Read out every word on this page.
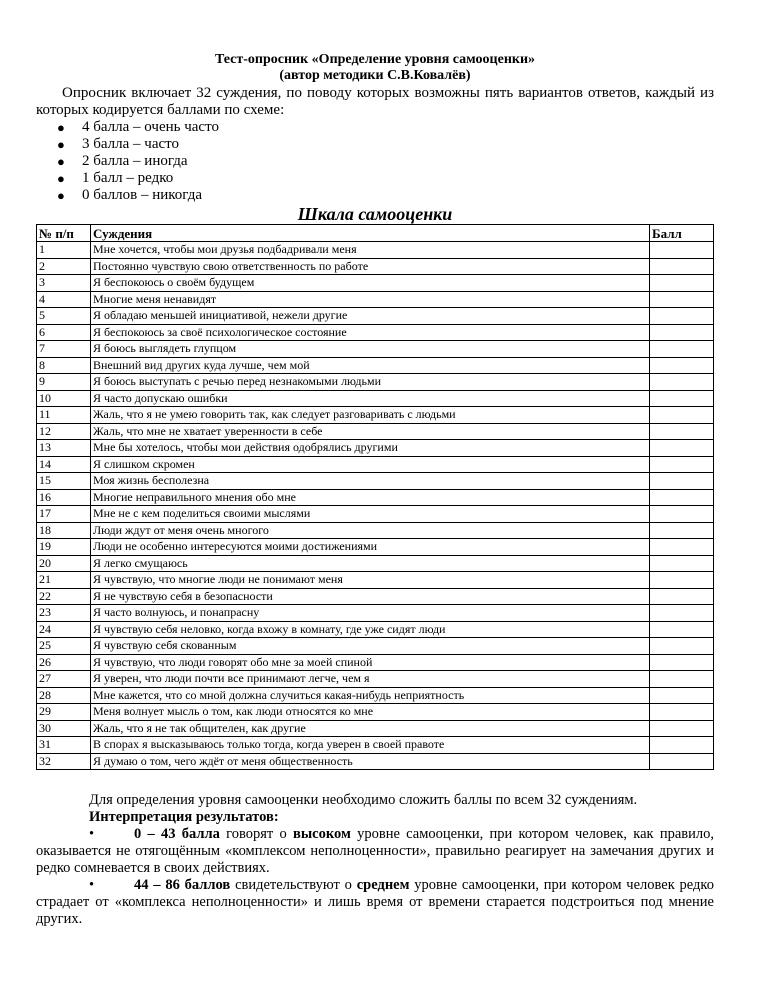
Тест-опросник «Определение уровня самооценки»

(автор методики С.В.Ковалёв)

Опросник включает 32 суждения, по поводу которых возможны пять вариантов ответов, каждый из которых кодируется баллами по схеме:

● 4 балла – очень часто
● 3 балла – часто
● 2 балла – иногда
● 1 балл – редко
● 0 баллов – никогда

Шкала самооценки

№ п/п	Суждения	Балл
1	Мне хочется, чтобы мои друзья подбадривали меня	
2	Постоянно чувствую свою ответственность по работе	
3	Я беспокоюсь о своём будущем	
4	Многие меня ненавидят	
5	Я обладаю меньшей инициативой, нежели другие	
6	Я беспокоюсь за своё психологическое состояние	
7	Я боюсь выглядеть глупцом	
8	Внешний вид других куда лучше, чем мой	
9	Я боюсь выступать с речью перед незнакомыми людьми	
10	Я часто допускаю ошибки	
11	Жаль, что я не умею говорить так, как следует разговаривать с людьми	
12	Жаль, что мне не хватает уверенности в себе	
13	Мне бы хотелось, чтобы мои действия одобрялись другими	
14	Я слишком скромен	
15	Моя жизнь бесполезна	
16	Многие неправильного мнения обо мне	
17	Мне не с кем поделиться своими мыслями	
18	Люди ждут от меня очень многого	
19	Люди не особенно интересуются моими достижениями	
20	Я легко смущаюсь	
21	Я чувствую, что многие люди не понимают меня	
22	Я не чувствую себя в безопасности	
23	Я часто волнуюсь, и понапрасну	
24	Я чувствую себя неловко, когда вхожу в комнату, где уже сидят люди	
25	Я чувствую себя скованным	
26	Я чувствую, что люди говорят обо мне за моей спиной	
27	Я уверен, что люди почти все принимают легче, чем я	
28	Мне кажется, что со мной должна случиться какая-нибудь неприятность	
29	Меня волнует мысль о том, как люди относятся ко мне	
30	Жаль, что я не так общителен, как другие	
31	В спорах я высказываюсь только тогда, когда уверен в своей правоте	
32	Я думаю о том, чего ждёт от меня общественность	

Для определения уровня самооценки необходимо сложить баллы по всем 32 суждениям.

Интерпретация результатов:

•	0 – 43 балла говорят о высоком уровне самооценки, при котором человек, как правило, оказывается не отягощённым «комплексом неполноценности», правильно реагирует на замечания других и редко сомневается в своих действиях.

•	44 – 86 баллов свидетельствуют о среднем уровне самооценки, при котором человек редко страдает от «комплекса неполноценности» и лишь время от времени старается подстроиться под мнение других.
